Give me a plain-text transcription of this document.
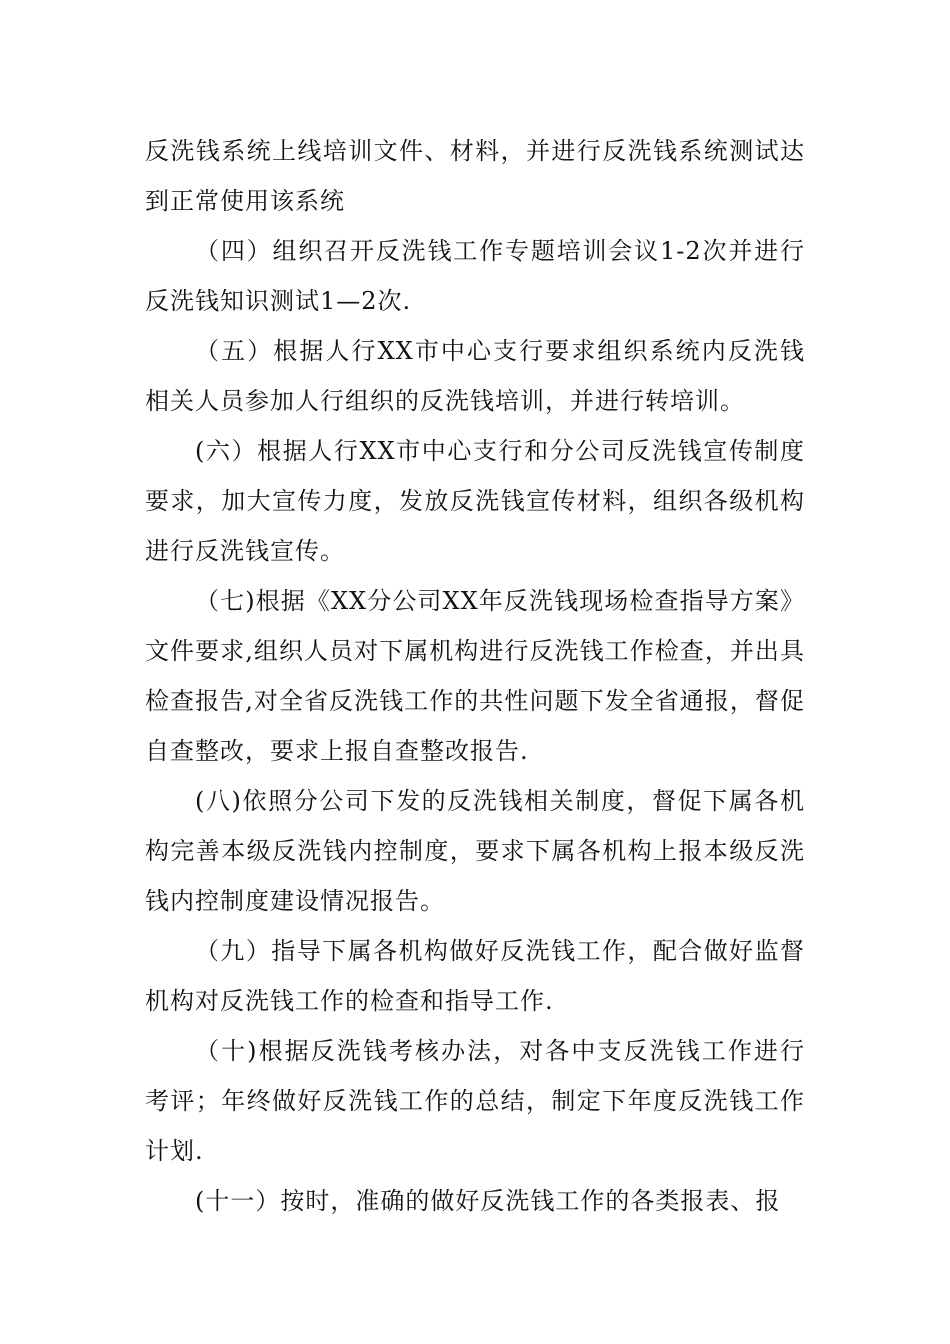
反洗钱系统上线培训文件、材料，并进行反洗钱系统测试达到正常使用该系统

（四）组织召开反洗钱工作专题培训会议1-2次并进行反洗钱知识测试1—2次.

（五）根据人行XX市中心支行要求组织系统内反洗钱相关人员参加人行组织的反洗钱培训，并进行转培训。

(六）根据人行XX市中心支行和分公司反洗钱宣传制度要求，加大宣传力度，发放反洗钱宣传材料，组织各级机构进行反洗钱宣传。

（七)根据《XX分公司XX年反洗钱现场检查指导方案》文件要求,组织人员对下属机构进行反洗钱工作检查，并出具检查报告,对全省反洗钱工作的共性问题下发全省通报，督促自查整改，要求上报自查整改报告.

(八)依照分公司下发的反洗钱相关制度，督促下属各机构完善本级反洗钱内控制度，要求下属各机构上报本级反洗钱内控制度建设情况报告。

（九）指导下属各机构做好反洗钱工作，配合做好监督机构对反洗钱工作的检查和指导工作.

（十)根据反洗钱考核办法，对各中支反洗钱工作进行考评；年终做好反洗钱工作的总结，制定下年度反洗钱工作计划.

(十一）按时，准确的做好反洗钱工作的各类报表、报
